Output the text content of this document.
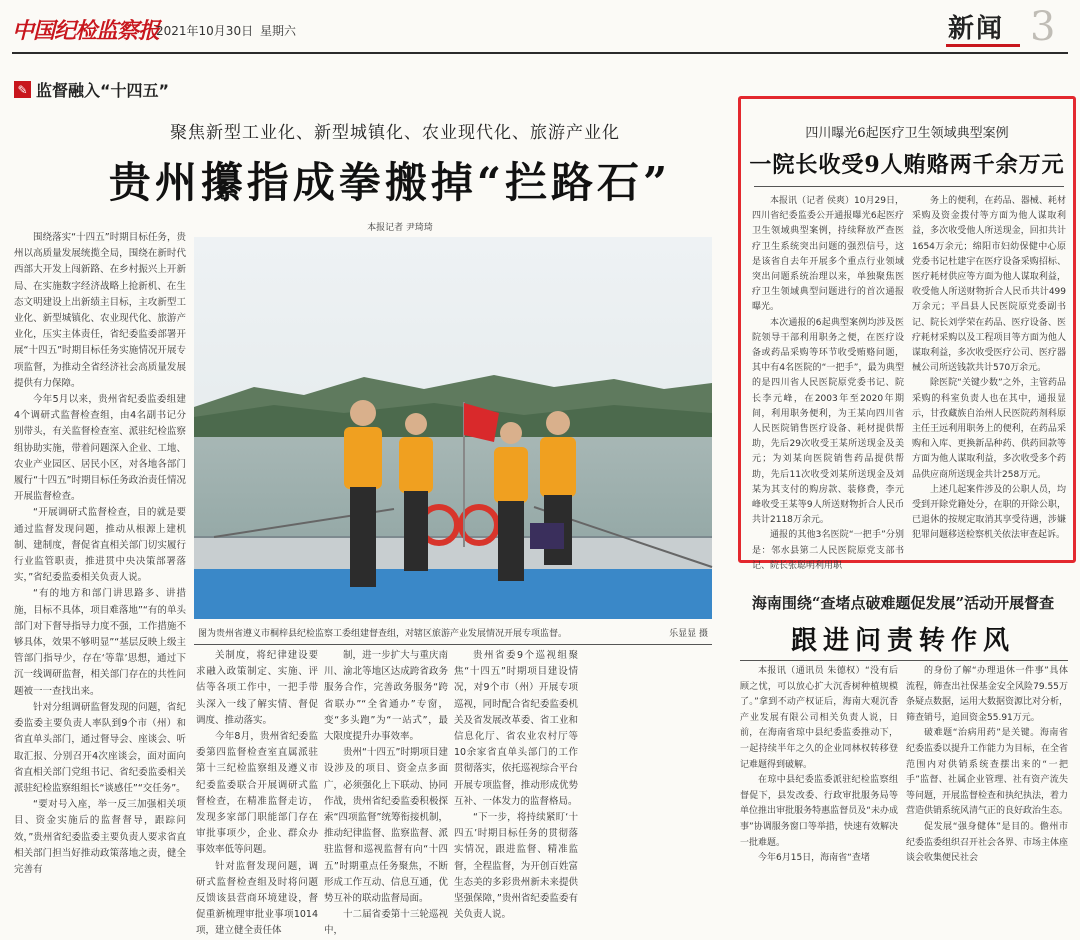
中国纪检监察报
2021年10月30日 星期六	新闻 3
✎ 监督融入“十四五”
聚焦新型工业化、新型城镇化、农业现代化、旅游产业化
贵州攥指成拳搬掉“拦路石”
本报记者 尹琦琦

围绕落实“十四五”时期目标任务，贵州以高质量发展统揽全局，围绕在新时代西部大开发上闯新路、在乡村振兴上开新局、在实施数字经济战略上抢新机、在生态文明建设上出新绩主目标，主攻新型工业化、新型城镇化、农业现代化、旅游产业化，压实主体责任，省纪委监委部署开展“十四五”时期目标任务实施情况开展专项监督，为推动全省经济社会高质量发展提供有力保障。

今年5月以来，贵州省纪委监委组建4个调研式监督检查组，由4名副书记分别带头，有关监督检查室、派驻纪检监察组协助实施，带着问题深入企业、工地、农业产业园区、居民小区，对各地各部门履行“十四五”时期目标任务政治责任情况开展监督检查。

“开展调研式监督检查，目的就是要通过监督发现问题，推动从根源上建机制、建制度，督促省直相关部门切实履行行业监管职责，推进贯中央决策部署落实，”省纪委监委相关负责人说。

“有的地方和部门讲思路多、讲措施，目标不具体，项目难落地”“有的单头部门对下督导指导力度不强，工作措施不够具体，效果不够明显”“基层反映上级主管部门指导少，存在‘等靠’思想，通过下沉一线调研监督，相关部门存在的共性问题被一一查找出来。

针对分组调研监督发现的问题，省纪委监委主要负责人率队到9个市（州）和省直单头部门，通过督导会、座谈会、听取汇报、分别召开4次座谈会，面对面向省直相关部门党组书记、省纪委监委相关派驻纪检监察组组长“谈感任”“交任务”。

“要对号入座，举一反三加强相关项目、资金实施后的监督督导，跟踪问效，”贵州省纪委监委主要负责人要求省直相关部门担当好推动政策落地之责，健全完善有

图为贵州省遵义市桐梓县纪检监察工委组建督查组，对辖区旅游产业发展情况开展专项监督。	乐显显 摄

关制度，将纪律建设要求融入政策制定、实施、评估等各项工作中，一把手带头深入一线了解实情、督促调度、推动落实。

今年8月，贵州省纪委监委第四监督检查室直属派驻第十三纪检监察组及遵义市纪委监委联合开展调研式监督检查，在精准监督走访，发现多家部门职能部门存在审批事项少，企业、群众办事效率低等问题。

针对监督发现问题，调研式监督检查组及时将问题反馈该县营商环境建设，督促重新梳理审批业事项1014项，建立健全责任体

制，进一步扩大与重庆南川、渝北等地区达成跨省政务服务合作，完善政务服务“跨省联办”“全省通办”专窗，变“多头跑”为“一站式”，最大限度提升办事效率。

贵州“十四五”时期项目建设涉及的项目、资金点多面广，必须强化上下联动、协同作战，贵州省纪委监委积极探索“四项监督”统筹衔接机制，推动纪律监督、监察监督、派驻监督和巡视监督有向“十四五”时期重点任务聚焦，不断形成工作互动、信息互通，优势互补的联动监督局面。

十二届省委第十三轮巡视中，

贵州省委9个巡视组聚焦“十四五”时期项目建设情况，对9个市（州）开展专项巡视，同时配合省纪委监委机关及省发展改革委、省工业和信息化厅、省农业农村厅等10余家省直单头部门的工作贯彻落实，依托巡视综合平台开展专项监督，推动形成优势互补、一体发力的监督格局。

“下一步，将持续紧盯‘十四五’时期目标任务的贯彻落实情况，跟进监督、精准监督，全程监督，为开创百姓富生态美的多彩贵州新未来提供坚强保障，”贵州省纪委监委有关负责人说。

四川曝光6起医疗卫生领域典型案例
一院长收受9人贿赂两千余万元

本报讯（记者 侯爽）10月29日，四川省纪委监委公开通报曝光6起医疗卫生领域典型案例，持续释放严查医疗卫生系统突出问题的强烈信号，这是该省自去年开展多个重点行业领域突出问题系统治理以来，单独聚焦医疗卫生领域典型问题进行的首次通报曝光。

本次通报的6起典型案例均涉及医院领导干部利用职务之便，在医疗设备或药品采购等环节收受贿赂问题，其中有4名医院的“一把手”，最为典型的是四川省人民医院原党委书记、院长李元峰，在2003年至2020年期间，利用职务便利，为王某向四川省人民医院销售医疗设备、耗材提供帮助，先后29次收受王某所送现金及美元；为刘某向医院销售药品提供帮助，先后11次收受刘某所送现金及刘某为其支付的购房款、装修费，李元峰收受王某等9人所送财物折合人民币共计2118万余元。

通报的其他3名医院“一把手”分别是：邻水县第二人民医院原党支部书记、院长张聪明利用职

务上的便利，在药品、器械、耗材采购及资金拨付等方面为他人谋取利益，多次收受他人所送现金，回扣共计1654万余元；绵阳市妇幼保健中心原党委书记杜建宇在医疗设备采购招标、医疗耗材供应等方面为他人谋取利益，收受他人所送财物折合人民币共计499万余元；平昌县人民医院原党委副书记、院长刘学荣在药品、医疗设备、医疗耗材采购以及工程项目等方面为他人谋取利益，多次收受医疗公司、医疗器械公司所送钱款共计570万余元。

除医院“关键少数”之外，主管药品采购的科室负责人也在其中，通报显示，甘孜藏族自治州人民医院药剂科原主任王远利用职务上的便利，在药品采购和入库、更换新品种药、供药回款等方面为他人谋取利益，多次收受多个药品供应商所送现金共计258万元。

上述几起案件涉及的公职人员，均受到开除党籍处分，在职的开除公职，已退休的按规定取消其享受待遇，涉嫌犯罪问题移送检察机关依法审查起诉。

海南围绕“查堵点破难题促发展”活动开展督查
跟进问责转作风

本报讯（通讯员 朱德权）“没有后顾之忧，可以放心扩大沉香树种植规模了。”拿到不动产权证后，海南大观沉香产业发展有限公司相关负责人说，日前，在海南省琼中县纪委监委推动下，一起持续半年之久的企业同林权转移登记难题得到破解。

在琼中县纪委监委派驻纪检监察组督促下，县发改委、行政审批服务局等单位推出审批服务特惠监督员及“未办成事”协调服务窗口等举措，快速有效解决一批难题。

今年6月15日，海南省“查堵

的身份了解“办理退休一件事”具体流程，筛查出社保基金安全风险79.55万条疑点数据，运用大数据资源比对分析，筛查销号，追回资金55.91万元。

破难题“治病用药”是关键。海南省纪委监委以提升工作能力为目标，在全省范围内对供销系统查摆出来的“一把手”监督、社属企业管理、社有资产流失等问题，开展监督检查和执纪执法，着力营造供销系统风清气正的良好政治生态。

促发展“强身健体”是目的。儋州市纪委监委组织召开社会各界、市场主体座谈会收集便民社会
